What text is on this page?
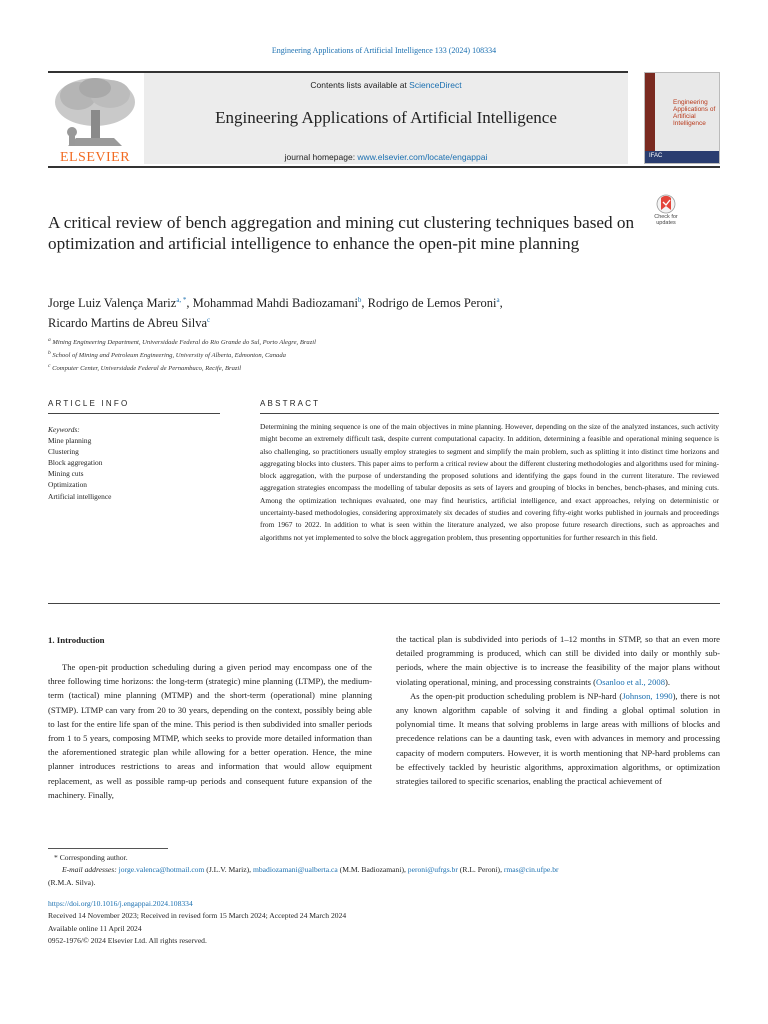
Engineering Applications of Artificial Intelligence 133 (2024) 108334
ELSEVIER
Contents lists available at ScienceDirect
Engineering Applications of Artificial Intelligence
journal homepage: www.elsevier.com/locate/engappai
Engineering Applications of Artificial Intelligence
IFAC
Check for updates
A critical review of bench aggregation and mining cut clustering techniques based on optimization and artificial intelligence to enhance the open-pit mine planning
Jorge Luiz Valença Mariz$^{a, *}$, Mohammad Mahdi Badiozamani$^b$, Rodrigo de Lemos Peroni$^a$,
Ricardo Martins de Abreu Silva$^c$
$^a$ Mining Engineering Department, Universidade Federal do Rio Grande do Sul, Porto Alegre, Brazil
$^b$ School of Mining and Petroleum Engineering, University of Alberta, Edmonton, Canada
$^c$ Computer Center, Universidade Federal de Pernambuco, Recife, Brazil
ARTICLE INFO
Keywords:
Mine planning
Clustering
Block aggregation
Mining cuts
Optimization
Artificial intelligence
ABSTRACT
Determining the mining sequence is one of the main objectives in mine planning. However, depending on the size of the analyzed instances, such activity might become an extremely difficult task, despite current computational capacity. In addition, determining a feasible and operational mining sequence is also challenging, so practitioners usually employ strategies to segment and simplify the main problem, such as splitting it into distinct time horizons and aggregating blocks into clusters. This paper aims to perform a critical review about the different clustering methodologies and algorithms used for mining-block aggregation, with the purpose of understanding the proposed solutions and identifying the gaps found in the current literature. The reviewed aggregation strategies encompass the modelling of tabular deposits as sets of layers and grouping of blocks in benches, bench-phases, and mining cuts. Among the optimization techniques evaluated, one may find heuristics, artificial intelligence, and exact approaches, relying on deterministic or uncertainty-based methodologies, considering approximately six decades of studies and covering fifty-eight works published in journals and proceedings from 1967 to 2022. In addition to what is seen within the literature analyzed, we also propose future research directions, such as approaches and algorithms not yet implemented to solve the block aggregation problem, thus presenting opportunities for further research in this field.
1. Introduction

The open-pit production scheduling during a given period may encompass one of the three following time horizons: the long-term (strategic) mine planning (LTMP), the medium-term (tactical) mine planning (MTMP) and the short-term (operational) mine planning (STMP). LTMP can vary from 20 to 30 years, depending on the context, possibly being able to last for the entire life span of the mine. This period is then subdivided into smaller periods from 1 to 5 years, composing MTMP, which seeks to provide more detailed information than the aforementioned strategic plan while allowing for a better operation. Hence, the mine planner introduces restrictions to areas and information that would allow equipment replacement, as well as possible ramp-up periods and consequent future expansion of the machinery. Finally,

the tactical plan is subdivided into periods of 1–12 months in STMP, so that an even more detailed programming is produced, which can still be divided into daily or monthly sub-periods, where the main objective is to increase the feasibility of the major plans without violating operational, mining, and processing constraints (Osanloo et al., 2008).

As the open-pit production scheduling problem is NP-hard (Johnson, 1990), there is not any known algorithm capable of solving it and finding a global optimal solution in polynomial time. It means that solving problems in large areas with millions of blocks and precedence relations can be a daunting task, even with advances in memory and processing capacity of modern computers. However, it is worth mentioning that NP-hard problems can be effectively tackled by heuristic algorithms, approximation algorithms, or optimization strategies tailored to specific scenarios, enabling the practical achievement of

* Corresponding author.
E-mail addresses: jorge.valenca@hotmail.com (J.L.V. Mariz), mbadiozamani@ualberta.ca (M.M. Badiozamani), peroni@ufrgs.br (R.L. Peroni), rmas@cin.ufpe.br
(R.M.A. Silva).
https://doi.org/10.1016/j.engappai.2024.108334
Received 14 November 2023; Received in revised form 15 March 2024; Accepted 24 March 2024
Available online 11 April 2024
0952-1976/© 2024 Elsevier Ltd. All rights reserved.
